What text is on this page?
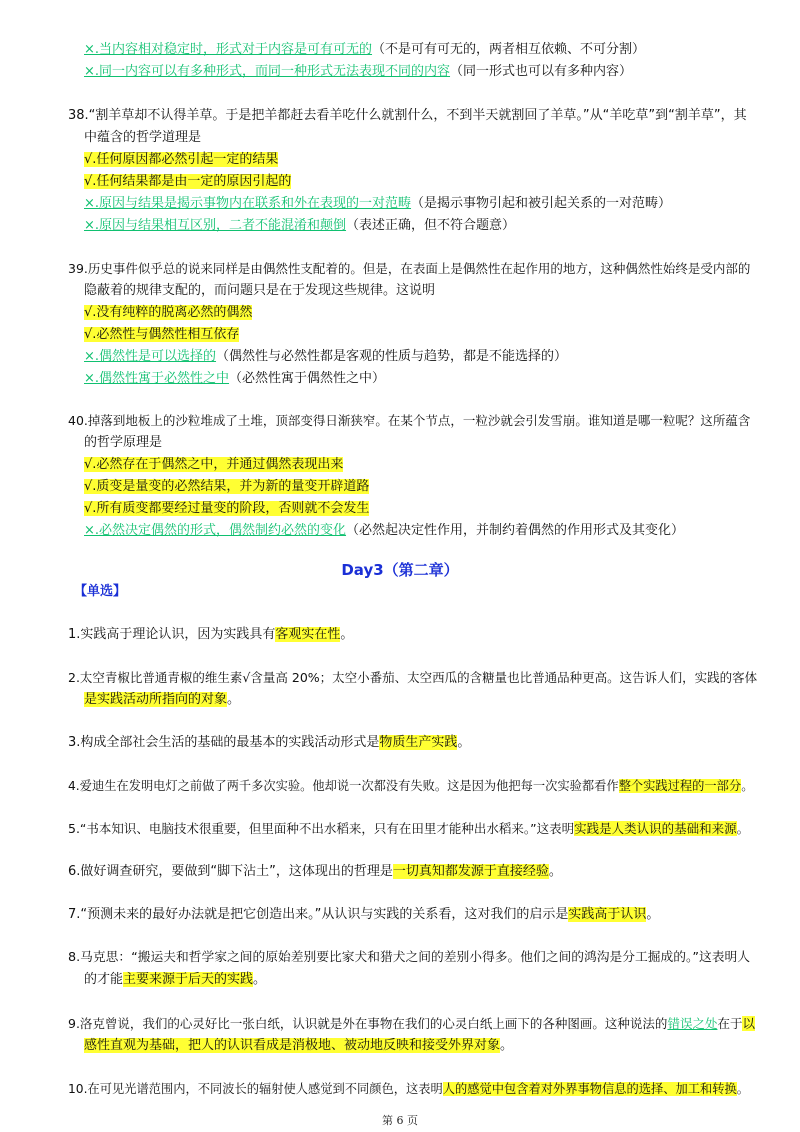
×.当内容相对稳定时，形式对于内容是可有可无的（不是可有可无的，两者相互依赖、不可分割）
×.同一内容可以有多种形式，而同一种形式无法表现不同的内容（同一形式也可以有多种内容）
38.“割羊草却不认得羊草。于是把羊都赶去看羊吃什么就割什么，不到半天就割回了羊草。”从“羊吃草”到“割羊草”，其
中蕴含的哲学道理是
√.任何原因都必然引起一定的结果
√.任何结果都是由一定的原因引起的
×.原因与结果是揭示事物内在联系和外在表现的一对范畴（是揭示事物引起和被引起关系的一对范畴）
×.原因与结果相互区别，二者不能混淆和颠倒（表述正确，但不符合题意）
39.历史事件似乎总的说来同样是由偶然性支配着的。但是，在表面上是偶然性在起作用的地方，这种偶然性始终是受内部的
隐蔽着的规律支配的，而问题只是在于发现这些规律。这说明
√.没有纯粹的脱离必然的偶然
√.必然性与偶然性相互依存
×.偶然性是可以选择的（偶然性与必然性都是客观的性质与趋势，都是不能选择的）
×.偶然性寓于必然性之中（必然性寓于偶然性之中）
40.掉落到地板上的沙粒堆成了土堆，顶部变得日渐狭窄。在某个节点，一粒沙就会引发雪崩。谁知道是哪一粒呢？这所蕴含
的哲学原理是
√.必然存在于偶然之中，并通过偶然表现出来
√.质变是量变的必然结果，并为新的量变开辟道路
√.所有质变都要经过量变的阶段，否则就不会发生
×.必然决定偶然的形式，偶然制约必然的变化（必然起决定性作用，并制约着偶然的作用形式及其变化）
Day3（第二章）
【单选】
1.实践高于理论认识，因为实践具有客观实在性。
2.太空青椒比普通青椒的维生素√含量高 20%；太空小番茄、太空西瓜的含糖量也比普通品种更高。这告诉人们，实践的客体
是实践活动所指向的对象。
3.构成全部社会生活的基础的最基本的实践活动形式是物质生产实践。
4.爱迪生在发明电灯之前做了两千多次实验。他却说一次都没有失败。这是因为他把每一次实验都看作整个实践过程的一部分。
5.“书本知识、电脑技术很重要，但里面种不出水稻来，只有在田里才能种出水稻来。”这表明实践是人类认识的基础和来源。
6.做好调查研究，要做到“脚下沾土”，这体现出的哲理是一切真知都发源于直接经验。
7.“预测未来的最好办法就是把它创造出来。”从认识与实践的关系看，这对我们的启示是实践高于认识。
8.马克思：“搬运夫和哲学家之间的原始差别要比家犬和猎犬之间的差别小得多。他们之间的鸿沟是分工掘成的。”这表明人
的才能主要来源于后天的实践。
9.洛克曾说，我们的心灵好比一张白纸，认识就是外在事物在我们的心灵白纸上画下的各种图画。这种说法的错误之处在于以
感性直观为基础，把人的认识看成是消极地、被动地反映和接受外界对象。
10.在可见光谱范围内，不同波长的辐射使人感觉到不同颜色，这表明人的感觉中包含着对外界事物信息的选择、加工和转换。
第 6 页
